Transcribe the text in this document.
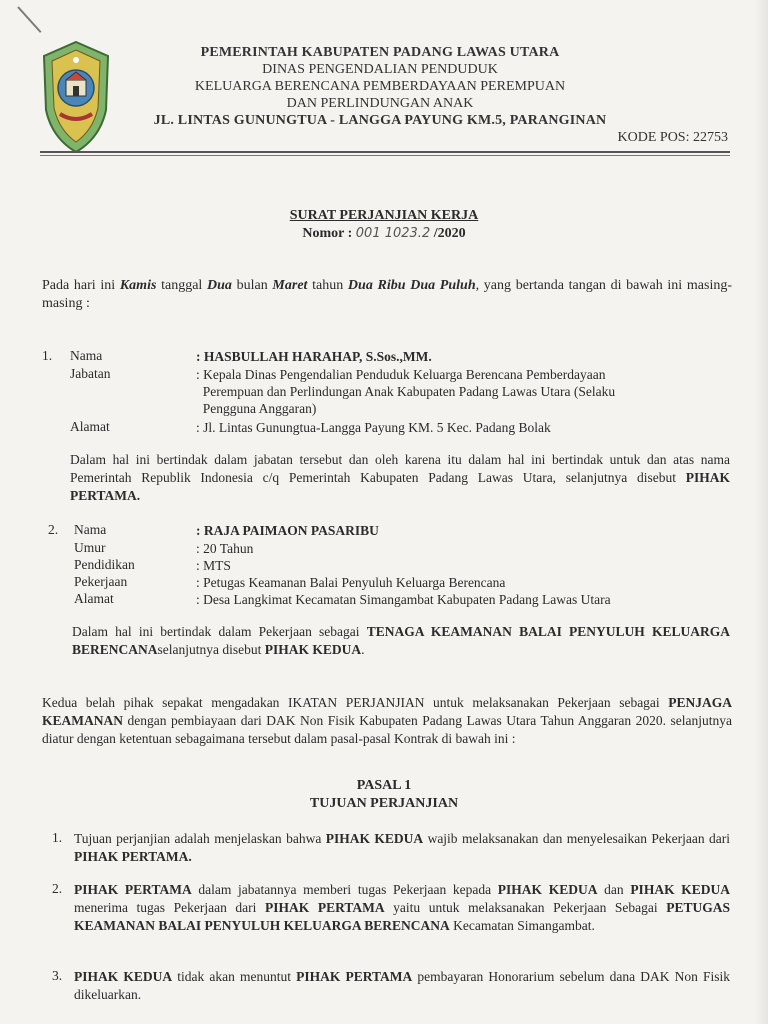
PEMERINTAH KABUPATEN PADANG LAWAS UTARA
DINAS PENGENDALIAN PENDUDUK
KELUARGA BERENCANA PEMBERDAYAAN PEREMPUAN
DAN PERLINDUNGAN ANAK
JL. LINTAS GUNUNGTUA - LANGGA PAYUNG KM.5, PARANGINAN
KODE POS: 22753
SURAT PERJANJIAN KERJA
Nomor : 001 1023.2 /2020
Pada hari ini Kamis tanggal Dua bulan Maret tahun Dua Ribu Dua Puluh, yang bertanda tangan di bawah ini masing-masing :
1. Nama	: HASBULLAH HARAHAP, S.Sos.,MM.
Jabatan	: Kepala Dinas Pengendalian Penduduk Keluarga Berencana Pemberdayaan
Perempuan dan Perlindungan Anak Kabupaten Padang Lawas Utara (Selaku
Pengguna Anggaran)
Alamat	: Jl. Lintas Gunungtua-Langga Payung KM. 5 Kec. Padang Bolak
Dalam hal ini bertindak dalam jabatan tersebut dan oleh karena itu dalam hal ini bertindak untuk dan atas nama Pemerintah Republik Indonesia c/q Pemerintah Kabupaten Padang Lawas Utara, selanjutnya disebut PIHAK PERTAMA.
2. Nama	: RAJA PAIMAON PASARIBU
Umur	: 20 Tahun
Pendidikan	: MTS
Pekerjaan	: Petugas Keamanan Balai Penyuluh Keluarga Berencana
Alamat	: Desa Langkimat Kecamatan Simangambat Kabupaten Padang Lawas Utara
Dalam hal ini bertindak dalam Pekerjaan sebagai TENAGA KEAMANAN BALAI PENYULUH KELUARGA BERENCANAselanjutnya disebut PIHAK KEDUA.
Kedua belah pihak sepakat mengadakan IKATAN PERJANJIAN untuk melaksanakan Pekerjaan sebagai PENJAGA KEAMANAN dengan pembiayaan dari DAK Non Fisik Kabupaten Padang Lawas Utara Tahun Anggaran 2020. selanjutnya diatur dengan ketentuan sebagaimana tersebut dalam pasal-pasal Kontrak di bawah ini :
PASAL 1
TUJUAN PERJANJIAN
1. Tujuan perjanjian adalah menjelaskan bahwa PIHAK KEDUA wajib melaksanakan dan menyelesaikan Pekerjaan dari PIHAK PERTAMA.
2. PIHAK PERTAMA dalam jabatannya memberi tugas Pekerjaan kepada PIHAK KEDUA dan PIHAK KEDUA menerima tugas Pekerjaan dari PIHAK PERTAMA yaitu untuk melaksanakan Pekerjaan Sebagai PETUGAS KEAMANAN BALAI PENYULUH KELUARGA BERENCANA Kecamatan Simangambat.
3. PIHAK KEDUA tidak akan menuntut PIHAK PERTAMA pembayaran Honorarium sebelum dana DAK Non Fisik dikeluarkan.
